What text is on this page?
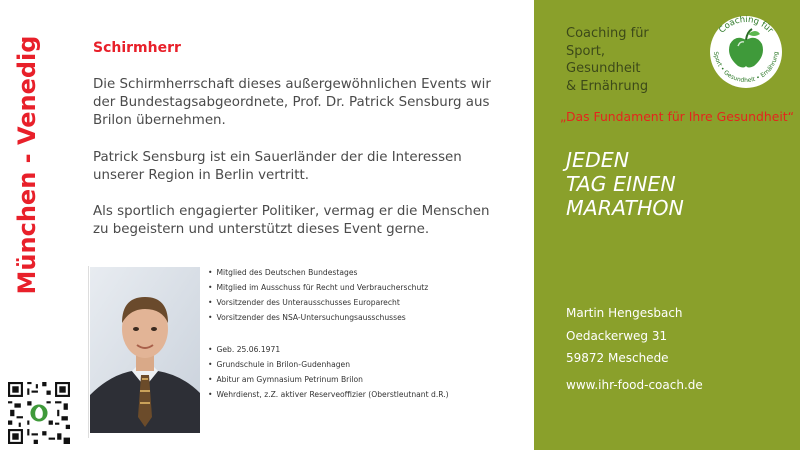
München - Venedig	Schirmherr
Die Schirmherrschaft dieses außergewöhnlichen Events wir der Bundestagsabgeordnete, Prof. Dr. Patrick Sensburg aus Brilon übernehmen.
Patrick Sensburg ist ein Sauerländer der die Interessen unserer Region in Berlin vertritt.
Als sportlich engagierter Politiker, vermag er die Menschen zu begeistern und unterstützt dieses Event gerne.
• Mitglied des Deutschen Bundestages
• Mitglied im Ausschuss für Recht und Verbraucherschutz
• Vorsitzender des Unterausschusses Europarecht
• Vorsitzender des NSA-Untersuchungsausschusses
• Geb. 25.06.1971
• Grundschule in Brilon-Gudenhagen
• Abitur am Gymnasium Petrinum Brilon
• Wehrdienst, z.Z. aktiver Reserveoffizier (Oberstleutnant d.R.)
Coaching für
Sport,
Gesundheit
& Ernährung
Coaching für
Sport • Gesundheit • Ernährung
„Das Fundament für Ihre Gesundheit“
JEDEN
TAG EINEN
MARATHON
Martin Hengesbach
Oedackerweg 31
59872 Meschede
www.ihr-food-coach.de
